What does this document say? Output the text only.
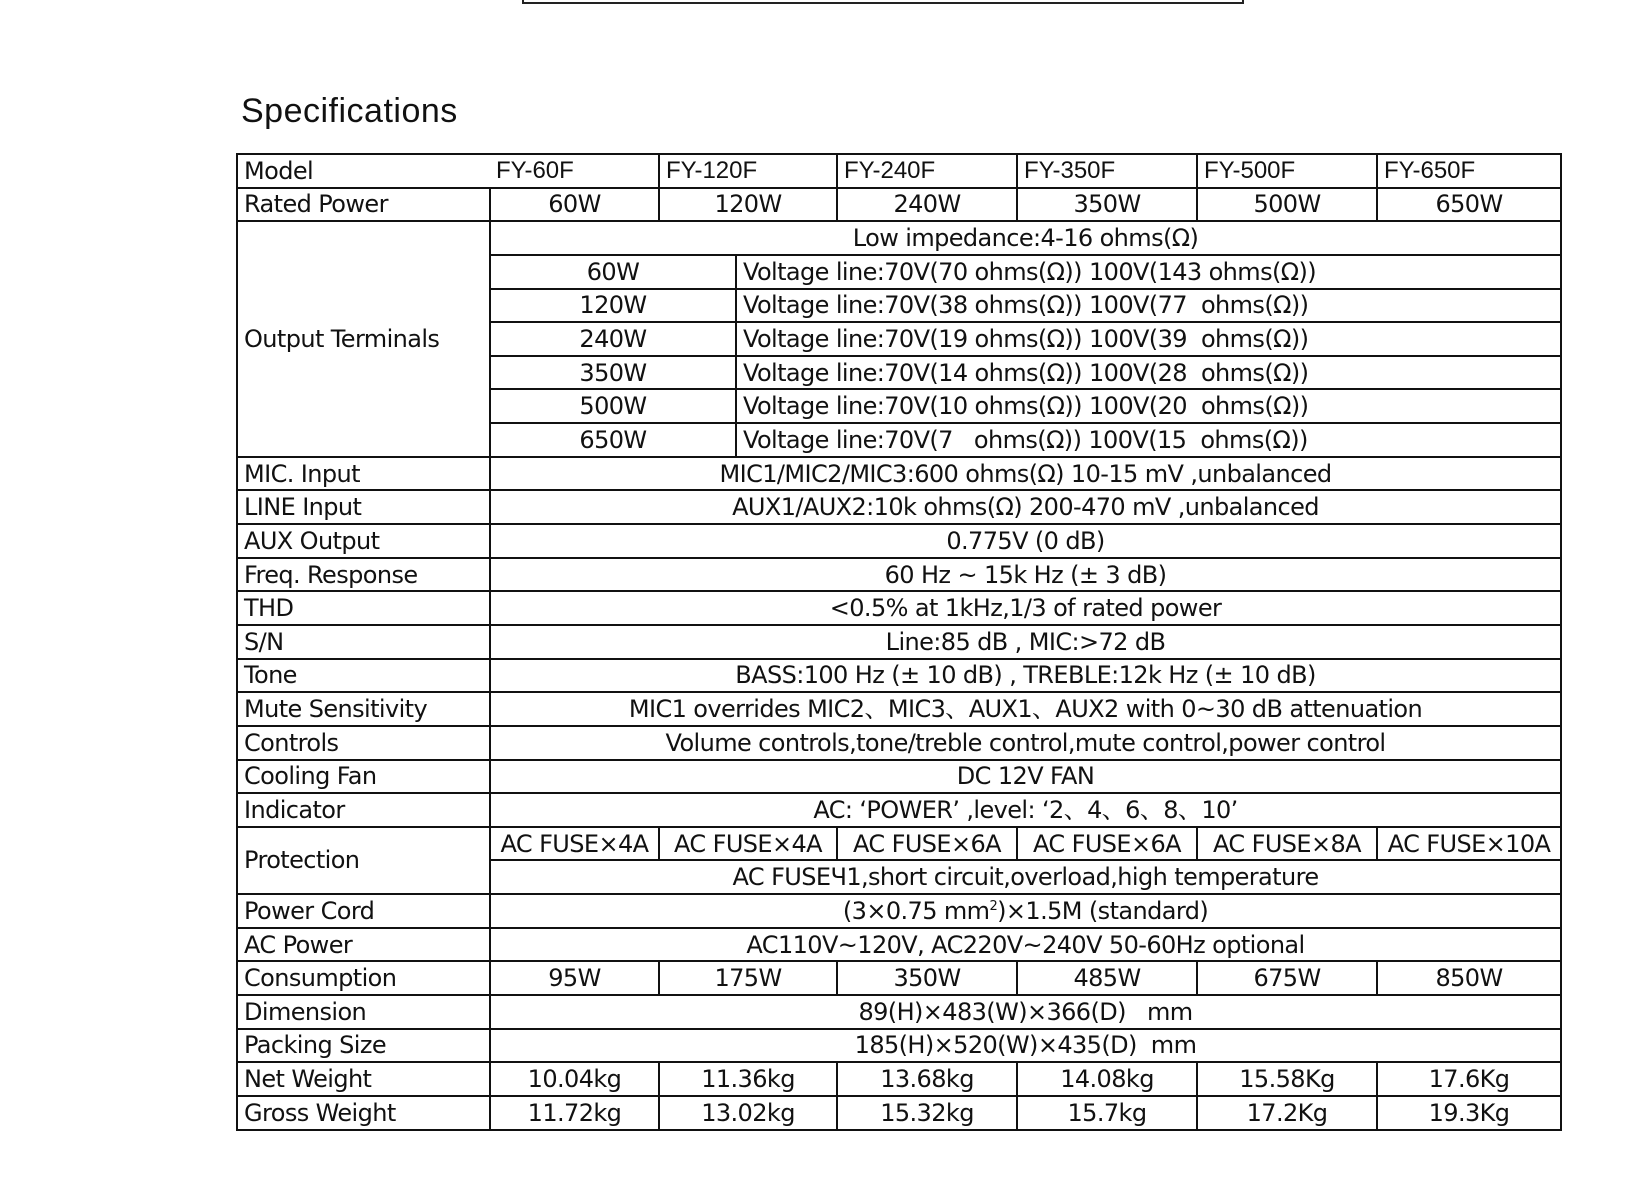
Specifications
Model	FY-60F	FY-120F		FY-240F	FY-350F	FY-500F	FY-650F
Rated Power	60W	120W		240W	350W	500W	650W
Output Terminals	Low impedance:4-16 ohms(Ω)						
	60W		Voltage line:70V(70 ohms(Ω)) 100V(143 ohms(Ω))				
	120W		Voltage line:70V(38 ohms(Ω)) 100V(77  ohms(Ω))				
	240W		Voltage line:70V(19 ohms(Ω)) 100V(39  ohms(Ω))				
	350W		Voltage line:70V(14 ohms(Ω)) 100V(28  ohms(Ω))				
	500W		Voltage line:70V(10 ohms(Ω)) 100V(20  ohms(Ω))				
	650W		Voltage line:70V(7   ohms(Ω)) 100V(15  ohms(Ω))				
MIC. Input	MIC1/MIC2/MIC3:600 ohms(Ω) 10-15 mV ,unbalanced						
LINE Input	AUX1/AUX2:10k ohms(Ω) 200-470 mV ,unbalanced						
AUX Output	0.775V (0 dB)						
Freq. Response	60 Hz ~ 15k Hz (± 3 dB)						
THD	<0.5% at 1kHz,1/3 of rated power						
S/N	Line:85 dB , MIC:>72 dB						
Tone	BASS:100 Hz (± 10 dB) , TREBLE:12k Hz (± 10 dB)						
Mute Sensitivity	MIC1 overrides MIC2、MIC3、AUX1、AUX2 with 0~30 dB attenuation						
Controls	Volume controls,tone/treble control,mute control,power control						
Cooling Fan	DC 12V FAN						
Indicator	AC: ‘POWER’ ,level: ‘2、4、6、8、10’						
Protection	AC FUSE×4A	AC FUSE×4A		AC FUSE×6A	AC FUSE×6A	AC FUSE×8A	AC FUSE×10A
	AC FUSEЧ1,short circuit,overload,high temperature						
Power Cord	(3×0.75 $mm^2)\times 1.5M$ (standard)						
AC Power	AC110V~120V, AC220V~240V 50-60Hz optional						
Consumption	95W	175W		350W	485W	675W	850W
Dimension	89(H)×483(W)×366(D)   mm						
Packing Size	185(H)×520(W)×435(D)  mm						
Net Weight	10.04kg	11.36kg		13.68kg	14.08kg	15.58Kg	17.6Kg
Gross Weight	11.72kg	13.02kg		15.32kg	15.7kg	17.2Kg	19.3Kg
